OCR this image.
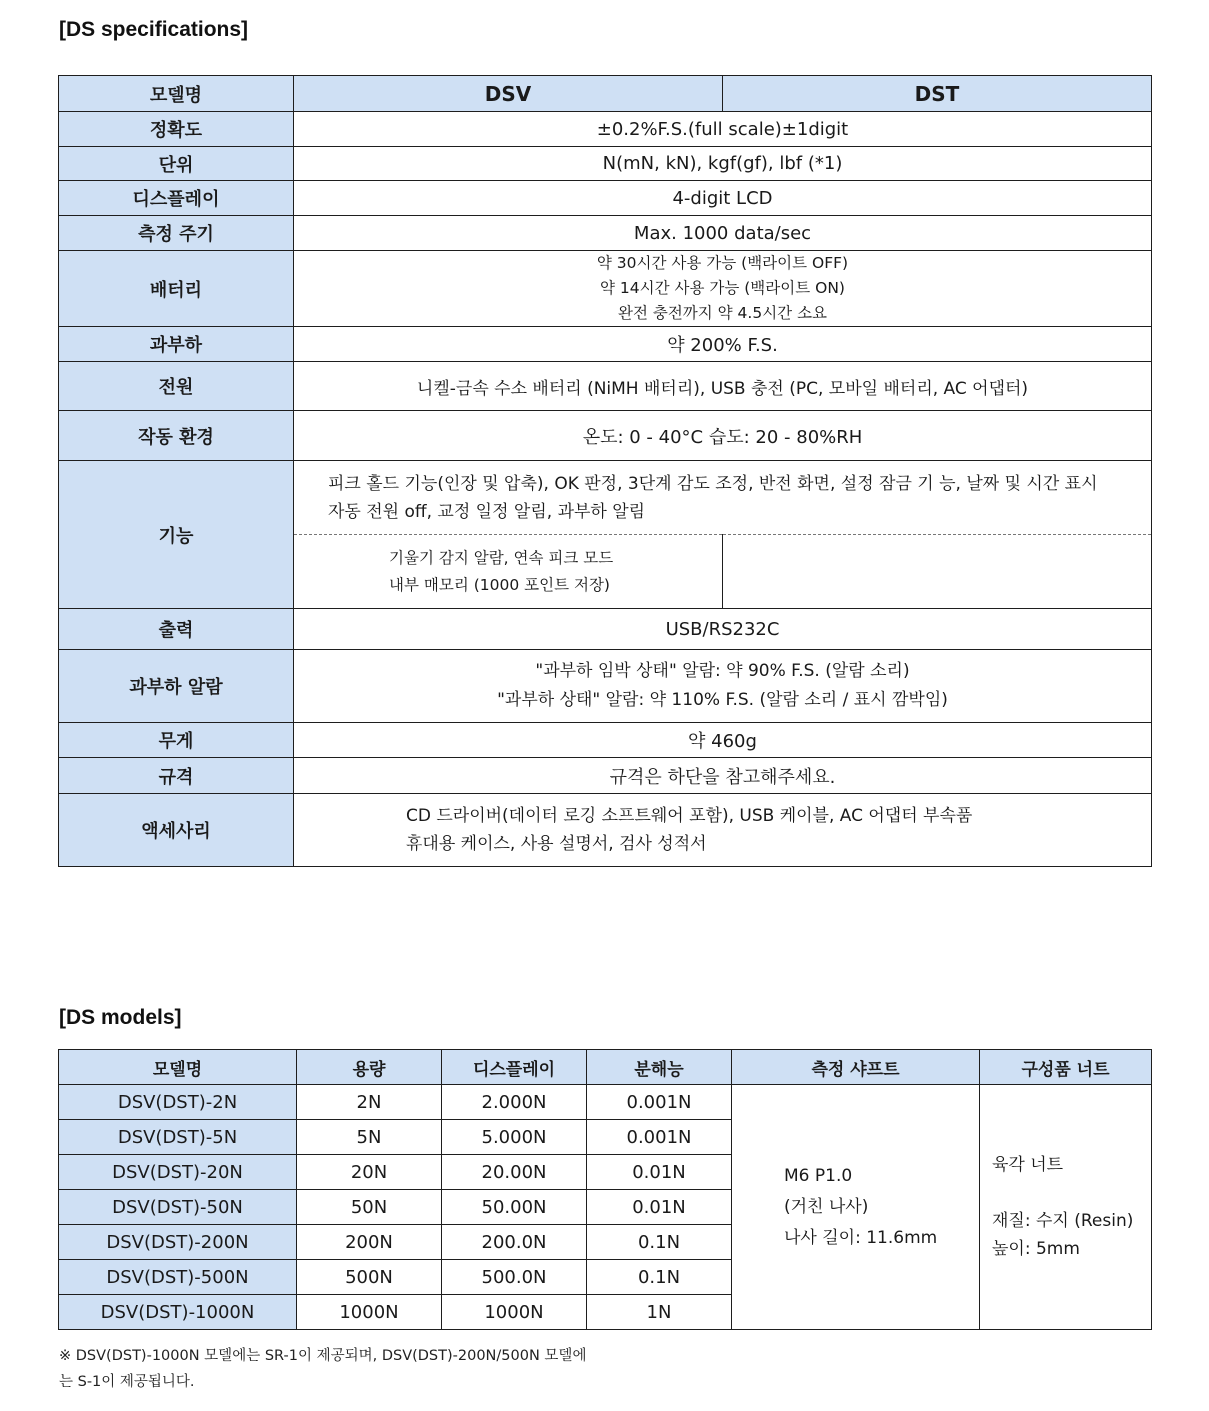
[DS specifications]
모델명	DSV	DST
정확도	±0.2%F.S.(full scale)±1digit	
단위	N(mN, kN), kgf(gf), lbf (*1)	
디스플레이	4-digit LCD	
측정 주기	Max. 1000 data/sec	
배터리	약 30시간 사용 가능 (백라이트 OFF)
약 14시간 사용 가능 (백라이트 ON)
완전 충전까지 약 4.5시간 소요	

과부하	약 200% F.S.	
전원	니켈-금속 수소 배터리 (NiMH 배터리), USB 충전 (PC, 모바일 배터리, AC 어댑터)	
작동 환경	온도: 0 - 40°C 습도: 20 - 80%RH	
기능	피크 홀드 기능(인장 및 압축), OK 판정, 3단계 감도 조정, 반전 화면, 설정 잠금 기 능, 날짜 및 시간 표시
자동 전원 off, 교정 일정 알림, 과부하 알림	

	기울기 감지 알람, 연속 피크 모드
내부 매모리 (1000 포인트 저장)	

출력	USB/RS232C	
과부하 알람	"과부하 임박 상태" 알람: 약 90% F.S. (알람 소리)
"과부하 상태" 알람: 약 110% F.S. (알람 소리 / 표시 깜박임)	

무게	약 460g	
규격	규격은 하단을 참고해주세요.	
액세사리	CD 드라이버(데이터 로깅 소프트웨어 포함), USB 케이블, AC 어댑터 부속품
휴대용 케이스, 사용 설명서, 검사 성적서	
[DS models]
모델명	용량	디스플레이	분해능	측정 샤프트	구성품 너트
DSV(DST)-2N	2N	2.000N	0.001N	M6 P1.0
(거친 나사)
나사 길이: 11.6mm	육각 너트
재질: 수지 (Resin)
높이: 5mm

DSV(DST)-5N	5N	5.000N	0.001N		
DSV(DST)-20N	20N	20.00N	0.01N		
DSV(DST)-50N	50N	50.00N	0.01N		
DSV(DST)-200N	200N	200.0N	0.1N		
DSV(DST)-500N	500N	500.0N	0.1N		
DSV(DST)-1000N	1000N	1000N	1N		
※ DSV(DST)-1000N 모델에는 SR-1이 제공되며, DSV(DST)-200N/500N 모델에
는 S-1이 제공됩니다.
